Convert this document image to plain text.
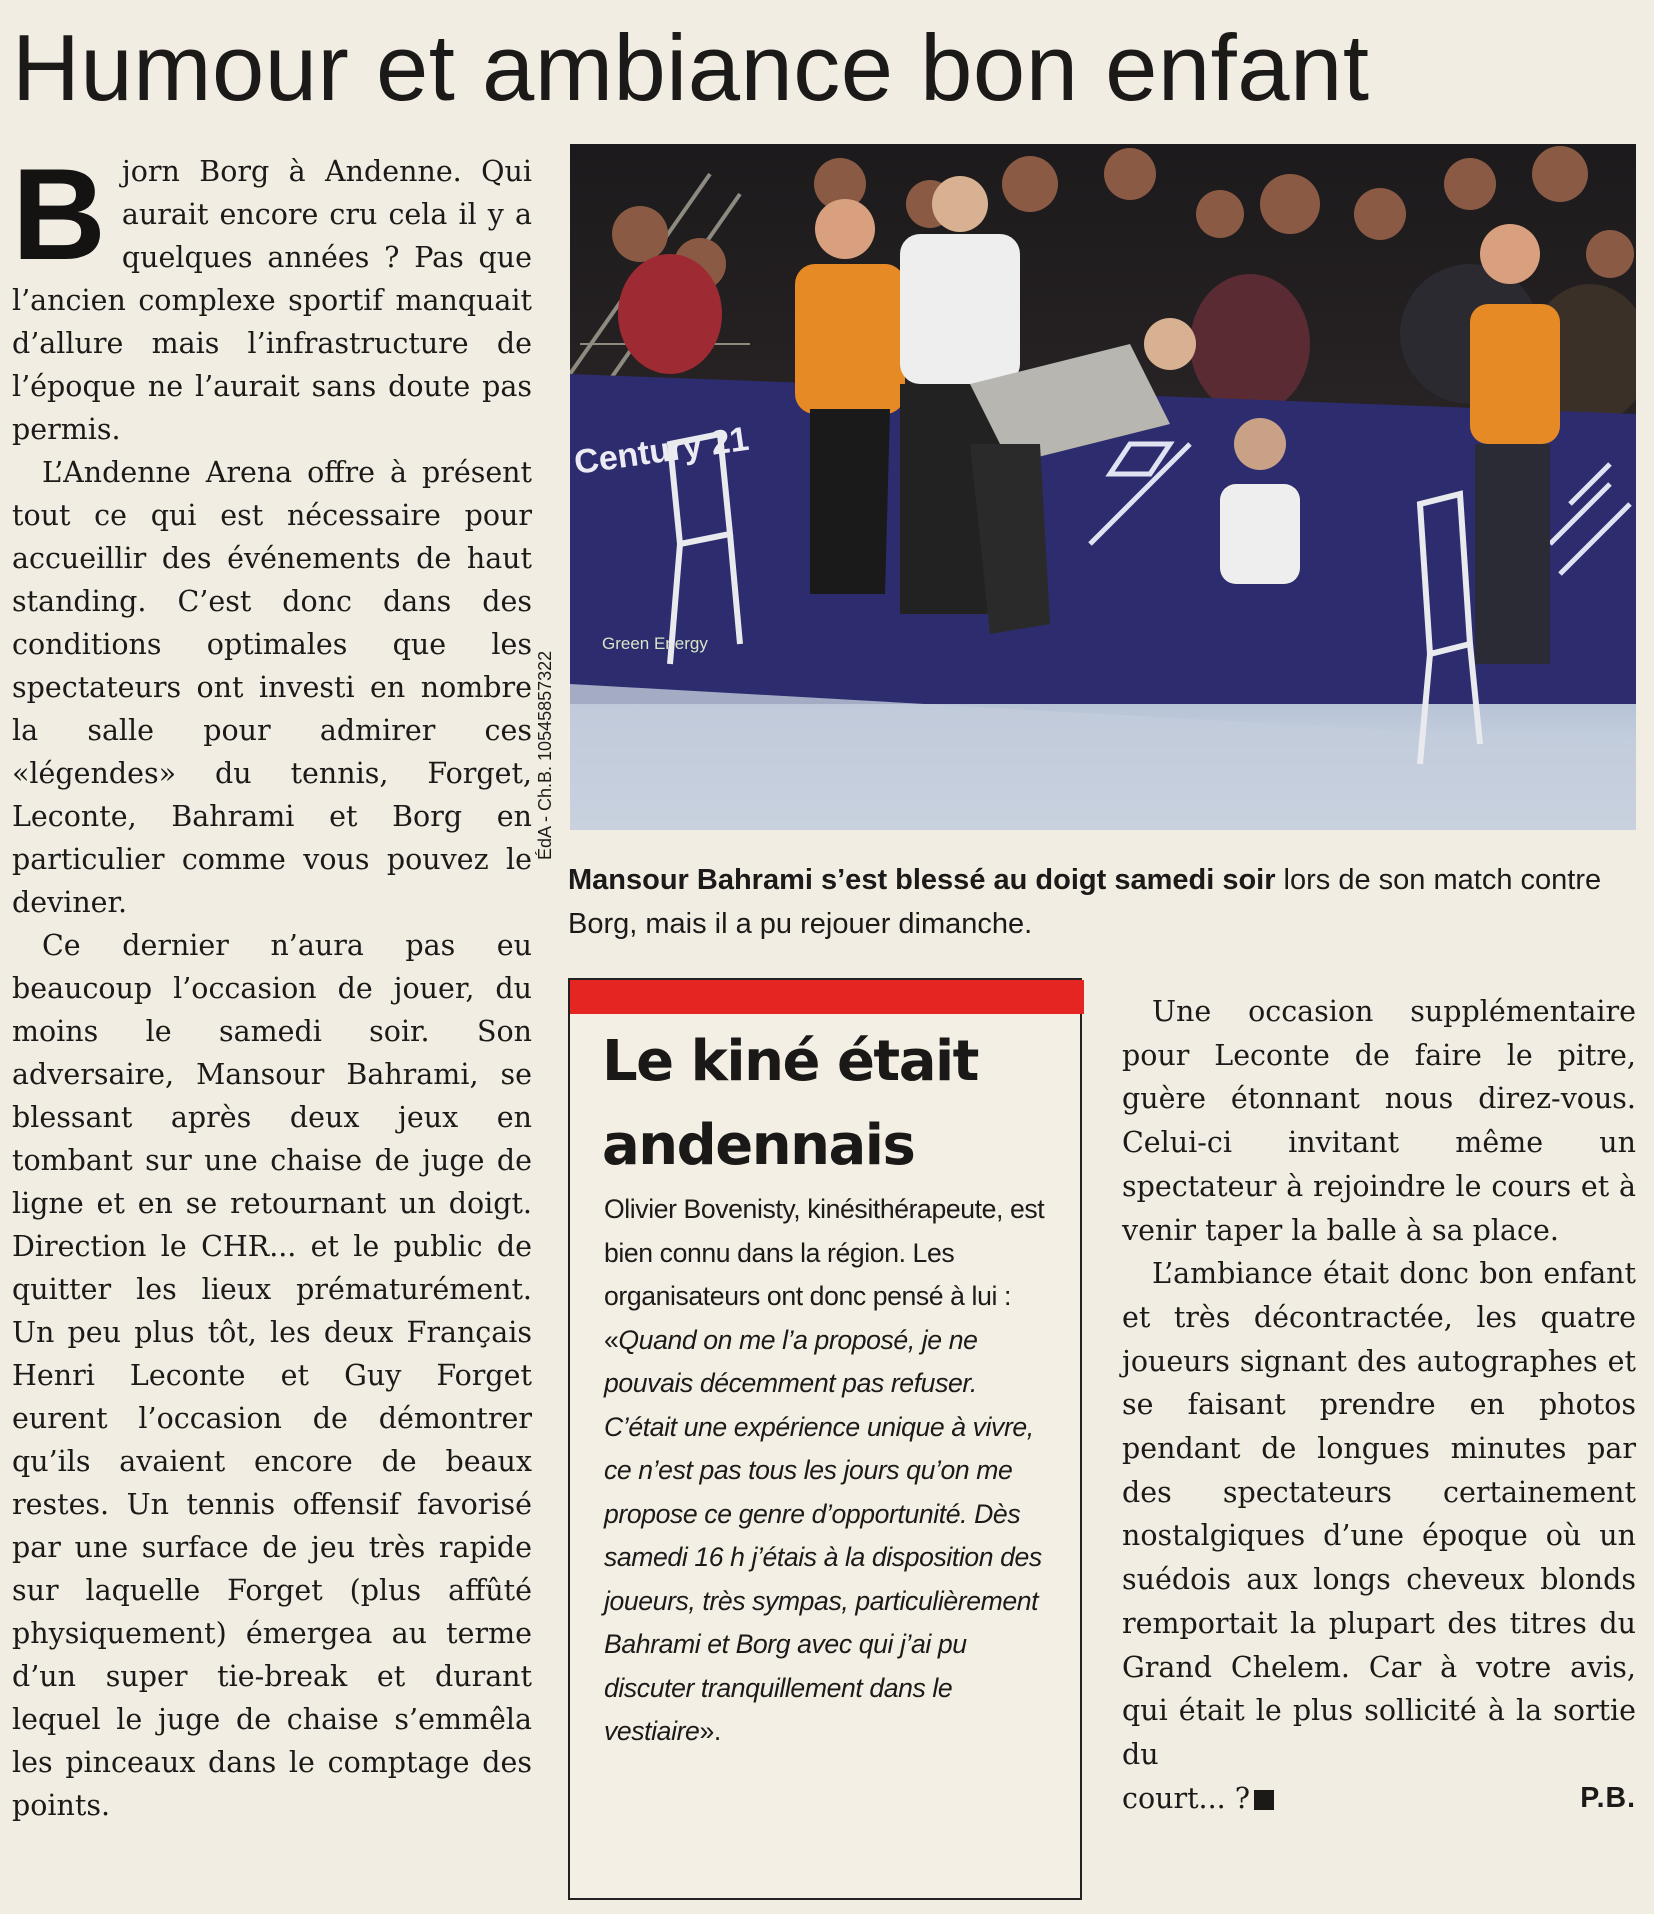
Humour et ambiance bon enfant

Bjorn Borg à Andenne. Qui aurait encore cru cela il y a quelques années ? Pas que l’ancien complexe sportif manquait d’allure mais l’infrastructure de l’époque ne l’aurait sans doute pas permis.

L’Andenne Arena offre à présent tout ce qui est nécessaire pour accueillir des événements de haut standing. C’est donc dans des conditions optimales que les spectateurs ont investi en nombre la salle pour admirer ces «légendes» du tennis, Forget, Leconte, Bahrami et Borg en particulier comme vous pouvez le deviner.

Ce dernier n’aura pas eu beaucoup l’occasion de jouer, du moins le samedi soir. Son adversaire, Mansour Bahrami, se blessant après deux jeux en tombant sur une chaise de juge de ligne et en se retournant un doigt. Direction le CHR... et le public de quitter les lieux prématurément. Un peu plus tôt, les deux Français Henri Leconte et Guy Forget eurent l’occasion de démontrer qu’ils avaient encore de beaux restes. Un tennis offensif favorisé par une surface de jeu très rapide sur laquelle Forget (plus affûté physiquement) émergea au terme d’un super tie-break et durant lequel le juge de chaise s’emmêla les pinceaux dans le comptage des points.

Century 21
Green Energy
ÉdA - Ch.B. 10545857322

Mansour Bahrami s’est blessé au doigt samedi soir lors de son match contre Borg, mais il a pu rejouer dimanche.

Le kiné était andennais

Olivier Bovenisty, kinésithérapeute, est bien connu dans la région. Les organisateurs ont donc pensé à lui : «Quand on me l’a proposé, je ne pouvais décemment pas refuser. C’était une expérience unique à vivre, ce n’est pas tous les jours qu’on me propose ce genre d’opportunité. Dès samedi 16 h j’étais à la disposition des joueurs, très sympas, particulièrement Bahrami et Borg avec qui j’ai pu discuter tranquillement dans le vestiaire».

Une occasion supplémentaire pour Leconte de faire le pitre, guère étonnant nous direz-vous. Celui-ci invitant même un spectateur à rejoindre le cours et à venir taper la balle à sa place.

L’ambiance était donc bon enfant et très décontractée, les quatre joueurs signant des autographes et se faisant prendre en photos pendant de longues minutes par des spectateurs certainement nostalgiques d’une époque où un suédois aux longs cheveux blonds remportait la plupart des titres du Grand Chelem. Car à votre avis, qui était le plus sollicité à la sortie du

court... ?	P.B.
